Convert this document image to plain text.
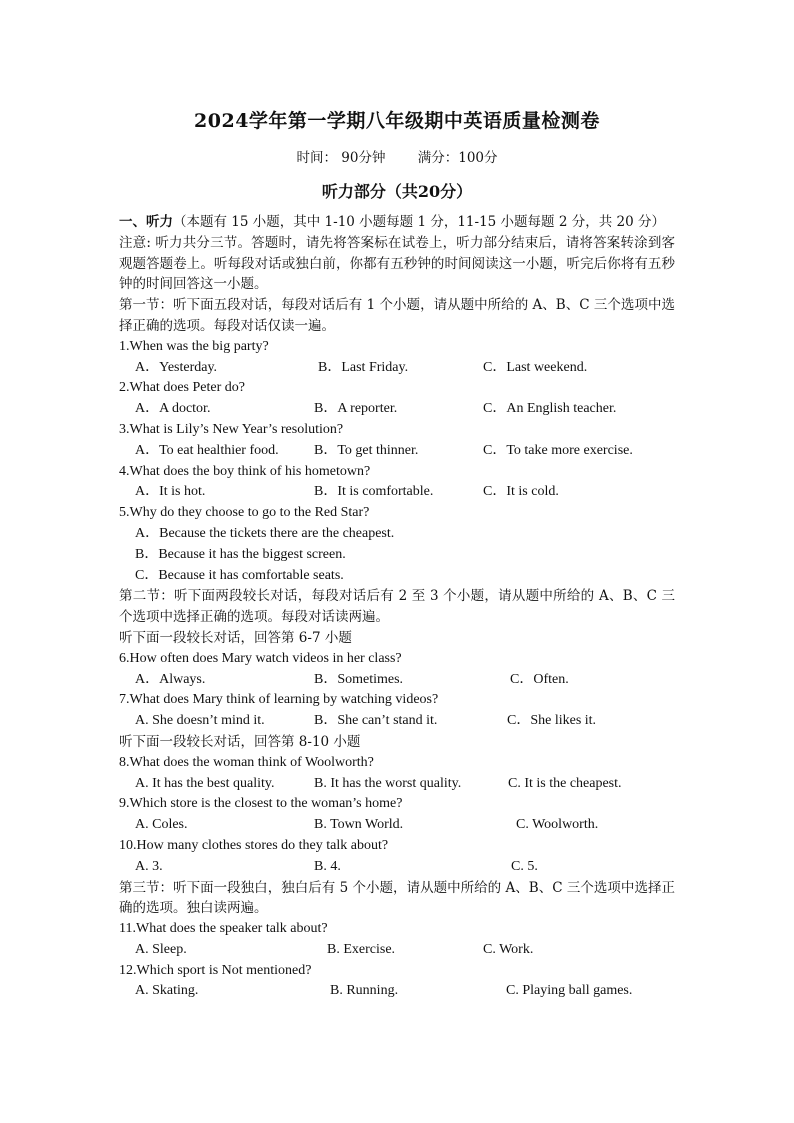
2024学年第一学期八年级期中英语质量检测卷
时间： 90分钟 满分：100分
听力部分（共20分）
一、听力（本题有 15 小题，其中 1-10 小题每题 1 分，11-15 小题每题 2 分，共 20 分）
注意: 听力共分三节。答题时，请先将答案标在试卷上，听力部分结束后，请将答案转涂到客观题答题卷上。听每段对话或独白前，你都有五秒钟的时间阅读这一小题，听完后你将有五秒钟的时间回答这一小题。
第一节：听下面五段对话，每段对话后有 1 个小题，请从题中所给的 A、B、C 三个选项中选择正确的选项。每段对话仅读一遍。
1.When was the big party?
A．Yesterday.	B．Last Friday.	C．Last weekend.
2.What does Peter do?
A．A doctor.	B．A reporter.	C．An English teacher.
3.What is Lily’s New Year’s resolution?
A．To eat healthier food.	B．To get thinner.	C．To take more exercise.
4.What does the boy think of his hometown?
A．It is hot.	B．It is comfortable.	C．It is cold.
5.Why do they choose to go to the Red Star?
A．Because the tickets there are the cheapest.
B．Because it has the biggest screen.
C．Because it has comfortable seats.
第二节：听下面两段较长对话，每段对话后有 2 至 3 个小题，请从题中所给的 A、B、C 三个选项中选择正确的选项。每段对话读两遍。
听下面一段较长对话，回答第 6-7 小题
6.How often does Mary watch videos in her class?
A．Always.	B．Sometimes.	C．Often.
7.What does Mary think of learning by watching videos?
A. She doesn’t mind it.	B．She can’t stand it.	C．She likes it.
听下面一段较长对话，回答第 8-10 小题
8.What does the woman think of Woolworth?
A. It has the best quality.	B. It has the worst quality.	C. It is the cheapest.
9.Which store is the closest to the woman’s home?
A. Coles.	B. Town World.	C. Woolworth.
10.How many clothes stores do they talk about?
A. 3.	B. 4.	C. 5.
第三节：听下面一段独白，独白后有 5 个小题，请从题中所给的 A、B、C 三个选项中选择正确的选项。独白读两遍。
11.What does the speaker talk about?
A. Sleep.	B. Exercise.	C. Work.
12.Which sport is Not mentioned?
A. Skating.	B. Running.	C. Playing ball games.
